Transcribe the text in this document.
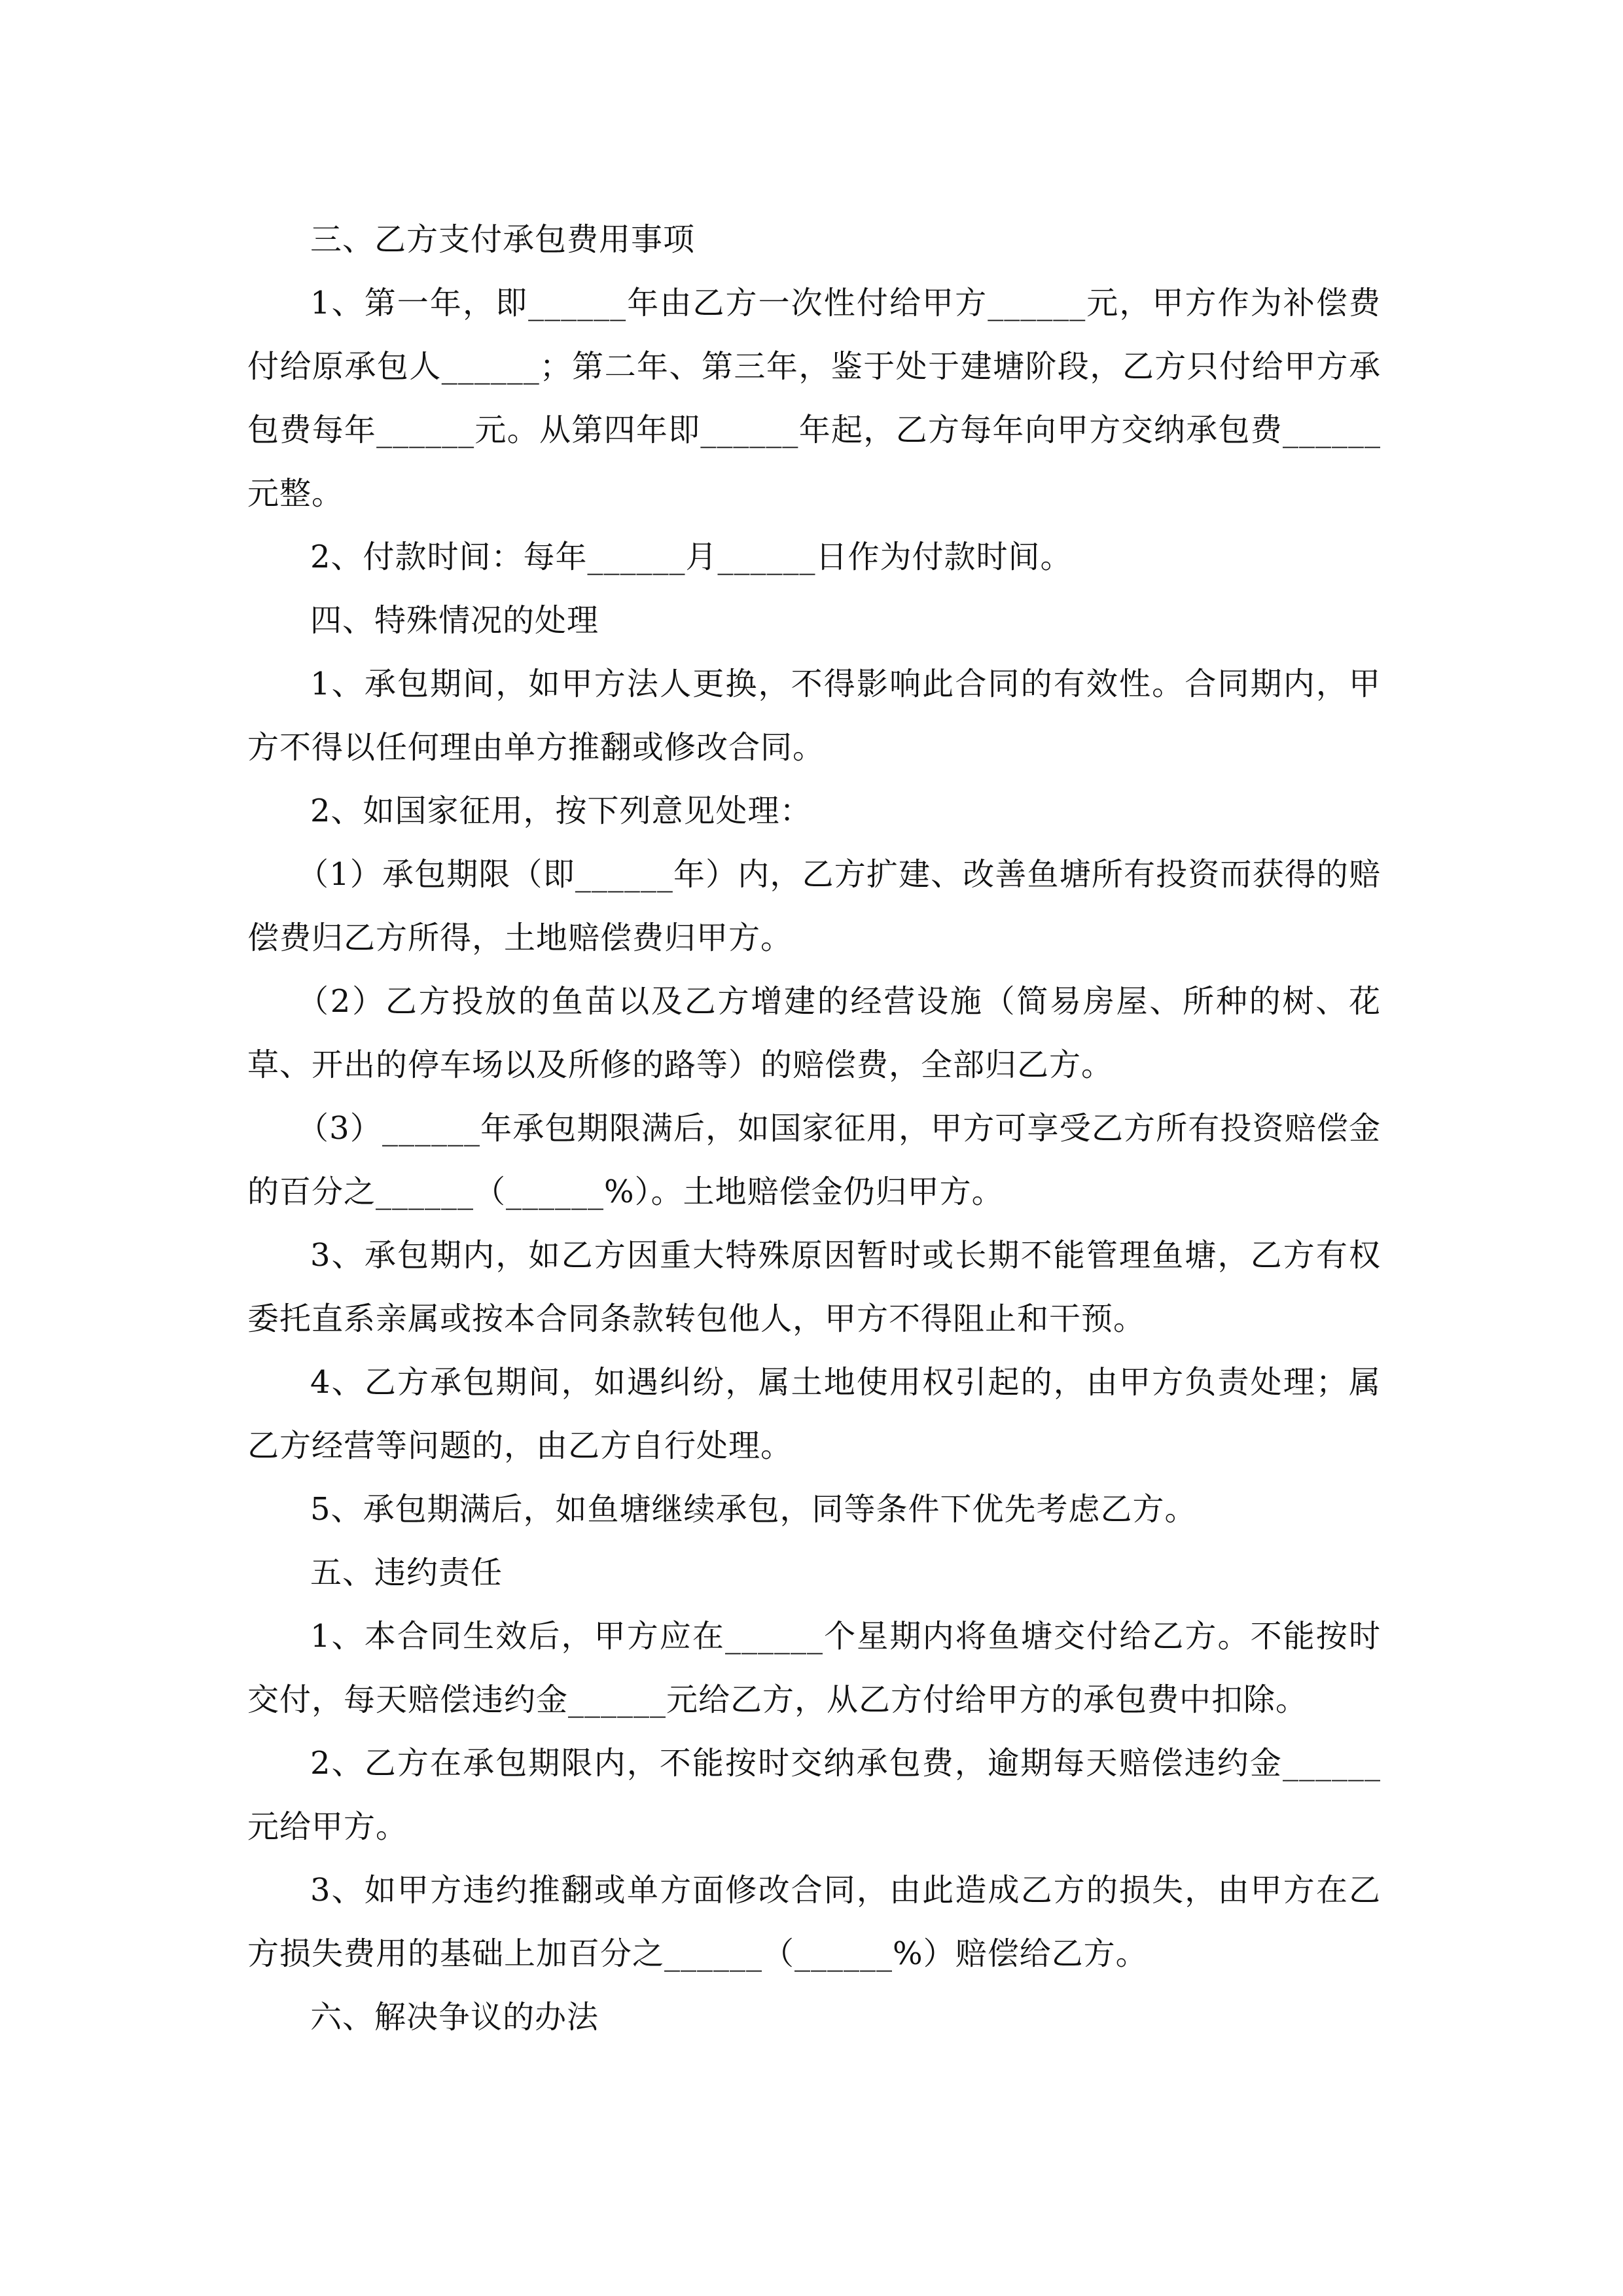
三、乙方支付承包费用事项

1、第一年，即______年由乙方一次性付给甲方______元，甲方作为补偿费付给原承包人______；第二年、第三年，鉴于处于建塘阶段，乙方只付给甲方承包费每年______元。从第四年即______年起，乙方每年向甲方交纳承包费______元整。

2、付款时间：每年______月______日作为付款时间。

四、特殊情况的处理

1、承包期间，如甲方法人更换，不得影响此合同的有效性。合同期内，甲方不得以任何理由单方推翻或修改合同。

2、如国家征用，按下列意见处理：

（1）承包期限（即______年）内，乙方扩建、改善鱼塘所有投资而获得的赔偿费归乙方所得，土地赔偿费归甲方。

（2）乙方投放的鱼苗以及乙方增建的经营设施（简易房屋、所种的树、花草、开出的停车场以及所修的路等）的赔偿费，全部归乙方。

（3）______年承包期限满后，如国家征用，甲方可享受乙方所有投资赔偿金的百分之______（______%）。土地赔偿金仍归甲方。

3、承包期内，如乙方因重大特殊原因暂时或长期不能管理鱼塘，乙方有权委托直系亲属或按本合同条款转包他人，甲方不得阻止和干预。

4、乙方承包期间，如遇纠纷，属土地使用权引起的，由甲方负责处理；属乙方经营等问题的，由乙方自行处理。

5、承包期满后，如鱼塘继续承包，同等条件下优先考虑乙方。

五、违约责任

1、本合同生效后，甲方应在______个星期内将鱼塘交付给乙方。不能按时交付，每天赔偿违约金______元给乙方，从乙方付给甲方的承包费中扣除。

2、乙方在承包期限内，不能按时交纳承包费，逾期每天赔偿违约金______元给甲方。

3、如甲方违约推翻或单方面修改合同，由此造成乙方的损失，由甲方在乙方损失费用的基础上加百分之______（______%）赔偿给乙方。

六、解决争议的办法
